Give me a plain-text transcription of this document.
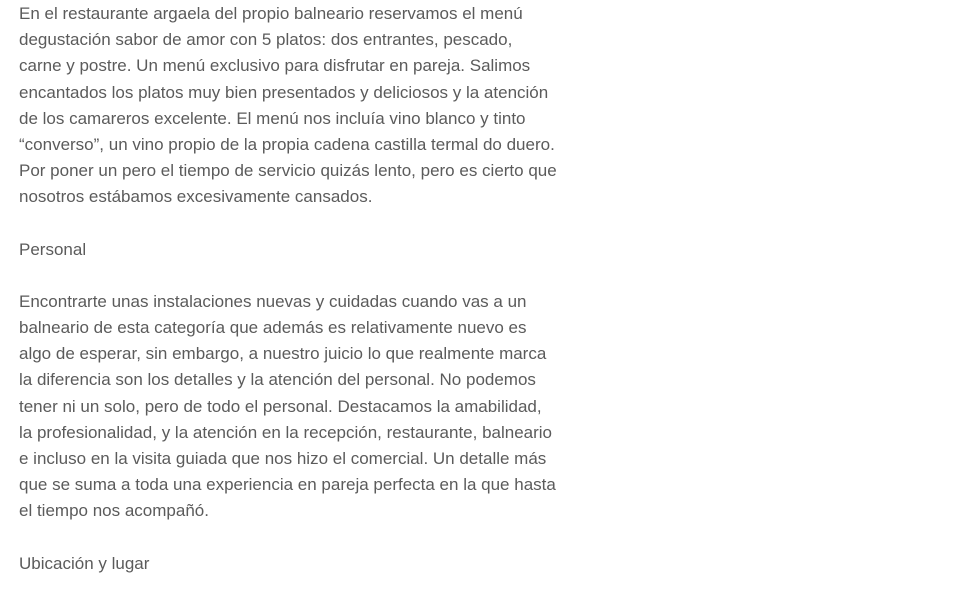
En el restaurante argaela del propio balneario reservamos el menú degustación sabor de amor con 5 platos: dos entrantes, pescado, carne y postre. Un menú exclusivo para disfrutar en pareja. Salimos encantados los platos muy bien presentados y deliciosos y la atención de los camareros excelente. El menú nos incluía vino blanco y tinto “converso”, un vino propio de la propia cadena castilla termal do duero. Por poner un pero el tiempo de servicio quizás lento, pero es cierto que nosotros estábamos excesivamente cansados.

Personal

Encontrarte unas instalaciones nuevas y cuidadas cuando vas a un balneario de esta categoría que además es relativamente nuevo es algo de esperar, sin embargo, a nuestro juicio lo que realmente marca la diferencia son los detalles y la atención del personal. No podemos tener ni un solo, pero de todo el personal. Destacamos la amabilidad, la profesionalidad, y la atención en la recepción, restaurante, balneario e incluso en la visita guiada que nos hizo el comercial. Un detalle más que se suma a toda una experiencia en pareja perfecta en la que hasta el tiempo nos acompañó.

Ubicación y lugar
